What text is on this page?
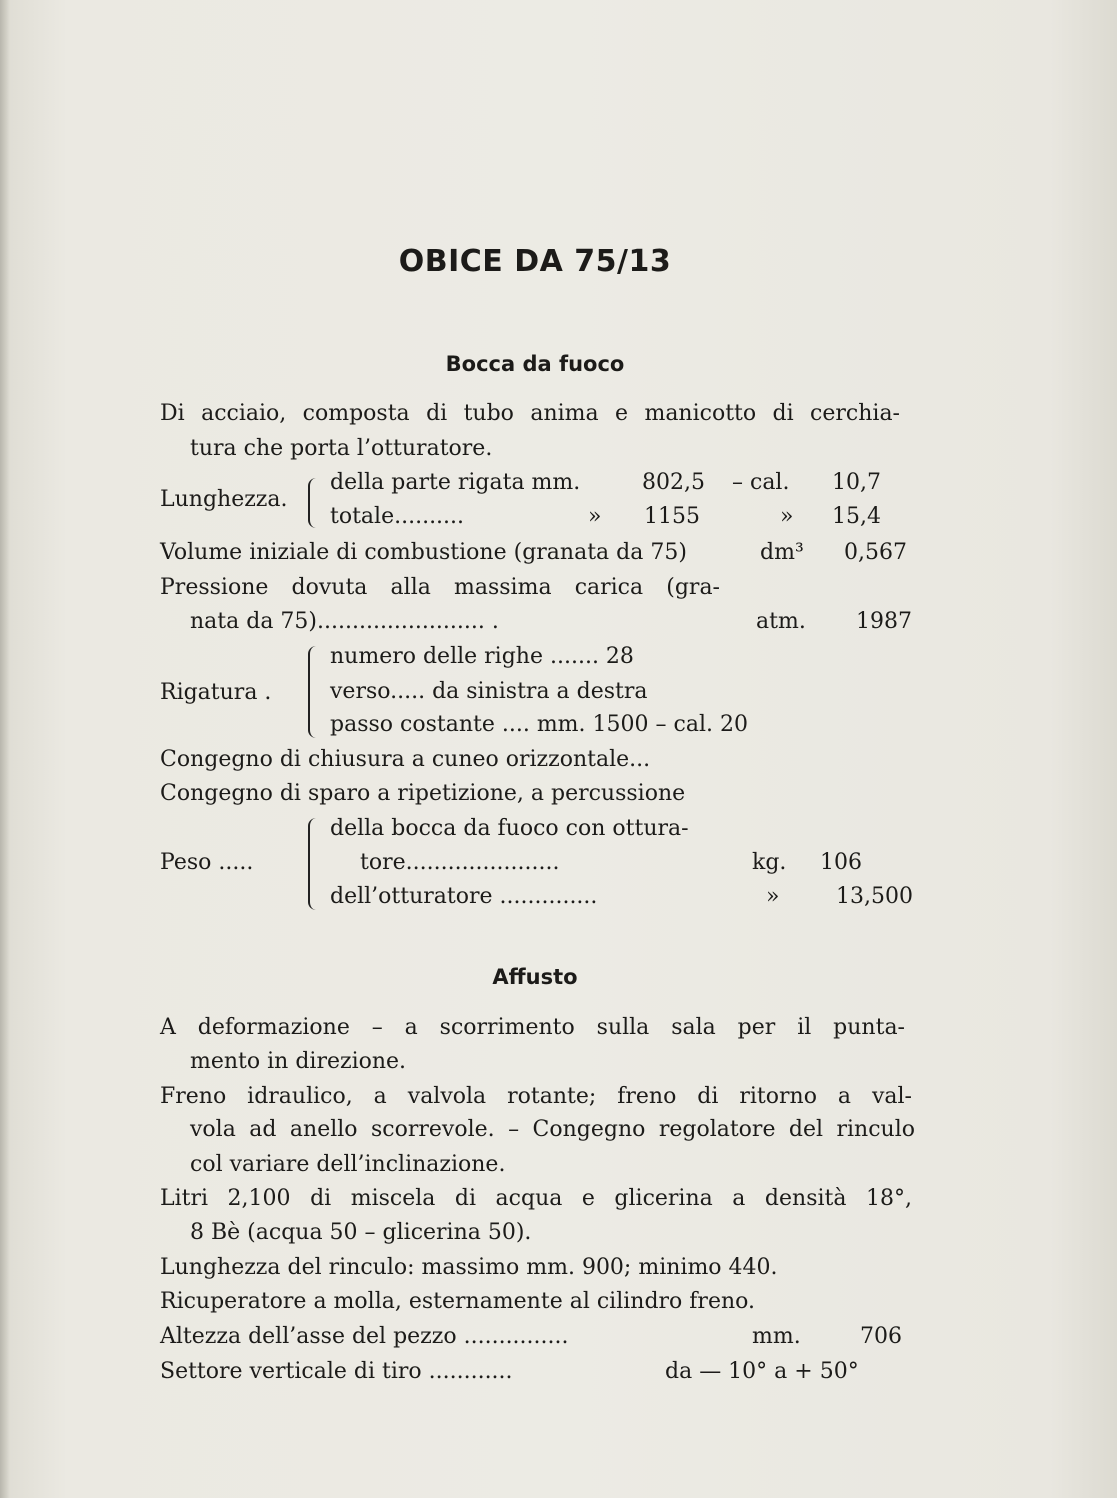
OBICE DA 75/13
Bocca da fuoco
Di acciaio, composta di tubo anima e manicotto di cerchia-
tura che porta l’otturatore.
Lunghezza.
della parte rigata mm.	802,5 – cal. 10,7
totale..........	» 1155	» 15,4
Volume iniziale di combustione (granata da 75)	dm³ 0,567
Pressione dovuta alla massima carica (gra-
nata da 75)........................ .	atm. 1987
Rigatura .
numero delle righe ....... 28
verso..... da sinistra a destra
passo costante .... mm. 1500 – cal. 20
Congegno di chiusura a cuneo orizzontale...
Congegno di sparo a ripetizione, a percussione
Peso .....
della bocca da fuoco con ottura-
tore......................	kg. 106
dell’otturatore ..............	»	13,500
Affusto
A deformazione – a scorrimento sulla sala per il punta-
mento in direzione.
Freno idraulico, a valvola rotante; freno di ritorno a val-
vola ad anello scorrevole. – Congegno regolatore del rinculo
col variare dell’inclinazione.
Litri 2,100 di miscela di acqua e glicerina a densità 18°,
8 Bè (acqua 50 – glicerina 50).
Lunghezza del rinculo: massimo mm. 900; minimo 440.
Ricuperatore a molla, esternamente al cilindro freno.
Altezza dell’asse del pezzo ...............	mm.	706
Settore verticale di tiro ............	da — 10° a + 50°
